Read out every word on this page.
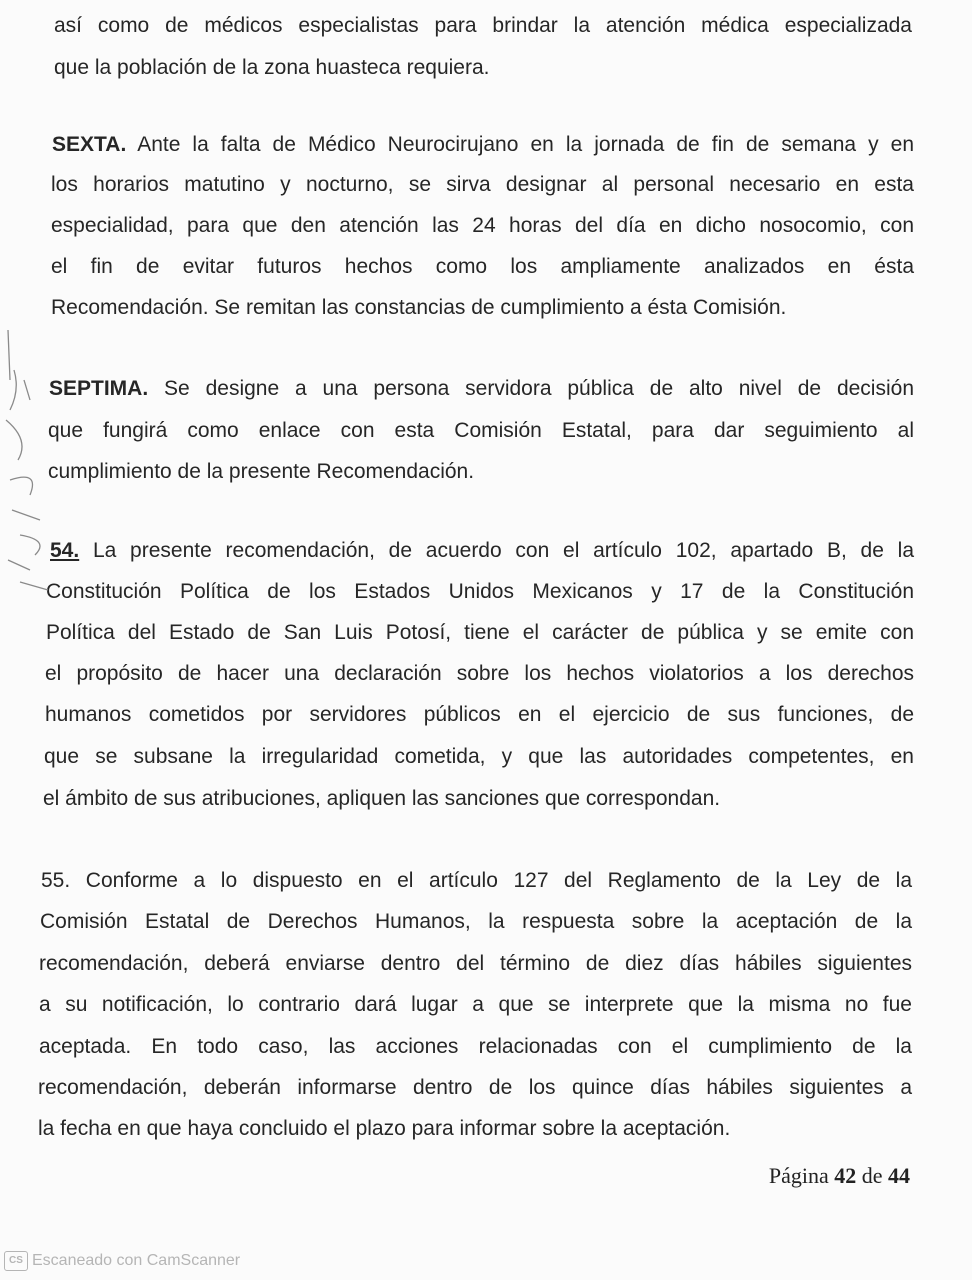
así como de médicos especialistas para brindar la atención médica especializada
que la población de la zona huasteca requiera.
SEXTA. Ante la falta de Médico Neurocirujano en la jornada de fin de semana y en
los horarios matutino y nocturno, se sirva designar al personal necesario en esta
especialidad, para que den atención las 24 horas del día en dicho nosocomio, con
el fin de evitar futuros hechos como los ampliamente analizados en ésta
Recomendación. Se remitan las constancias de cumplimiento a ésta Comisión.
SEPTIMA. Se designe a una persona servidora pública de alto nivel de decisión
que fungirá como enlace con esta Comisión Estatal, para dar seguimiento al
cumplimiento de la presente Recomendación.
54. La presente recomendación, de acuerdo con el artículo 102, apartado B, de la
Constitución Política de los Estados Unidos Mexicanos y 17 de la Constitución
Política del Estado de San Luis Potosí, tiene el carácter de pública y se emite con
el propósito de hacer una declaración sobre los hechos violatorios a los derechos
humanos cometidos por servidores públicos en el ejercicio de sus funciones, de
que se subsane la irregularidad cometida, y que las autoridades competentes, en
el ámbito de sus atribuciones, apliquen las sanciones que correspondan.
55. Conforme a lo dispuesto en el artículo 127 del Reglamento de la Ley de la
Comisión Estatal de Derechos Humanos, la respuesta sobre la aceptación de la
recomendación, deberá enviarse dentro del término de diez días hábiles siguientes
a su notificación, lo contrario dará lugar a que se interprete que la misma no fue
aceptada. En todo caso, las acciones relacionadas con el cumplimiento de la
recomendación, deberán informarse dentro de los quince días hábiles siguientes a
la fecha en que haya concluido el plazo para informar sobre la aceptación.
Página 42 de 44
CS Escaneado con CamScanner
